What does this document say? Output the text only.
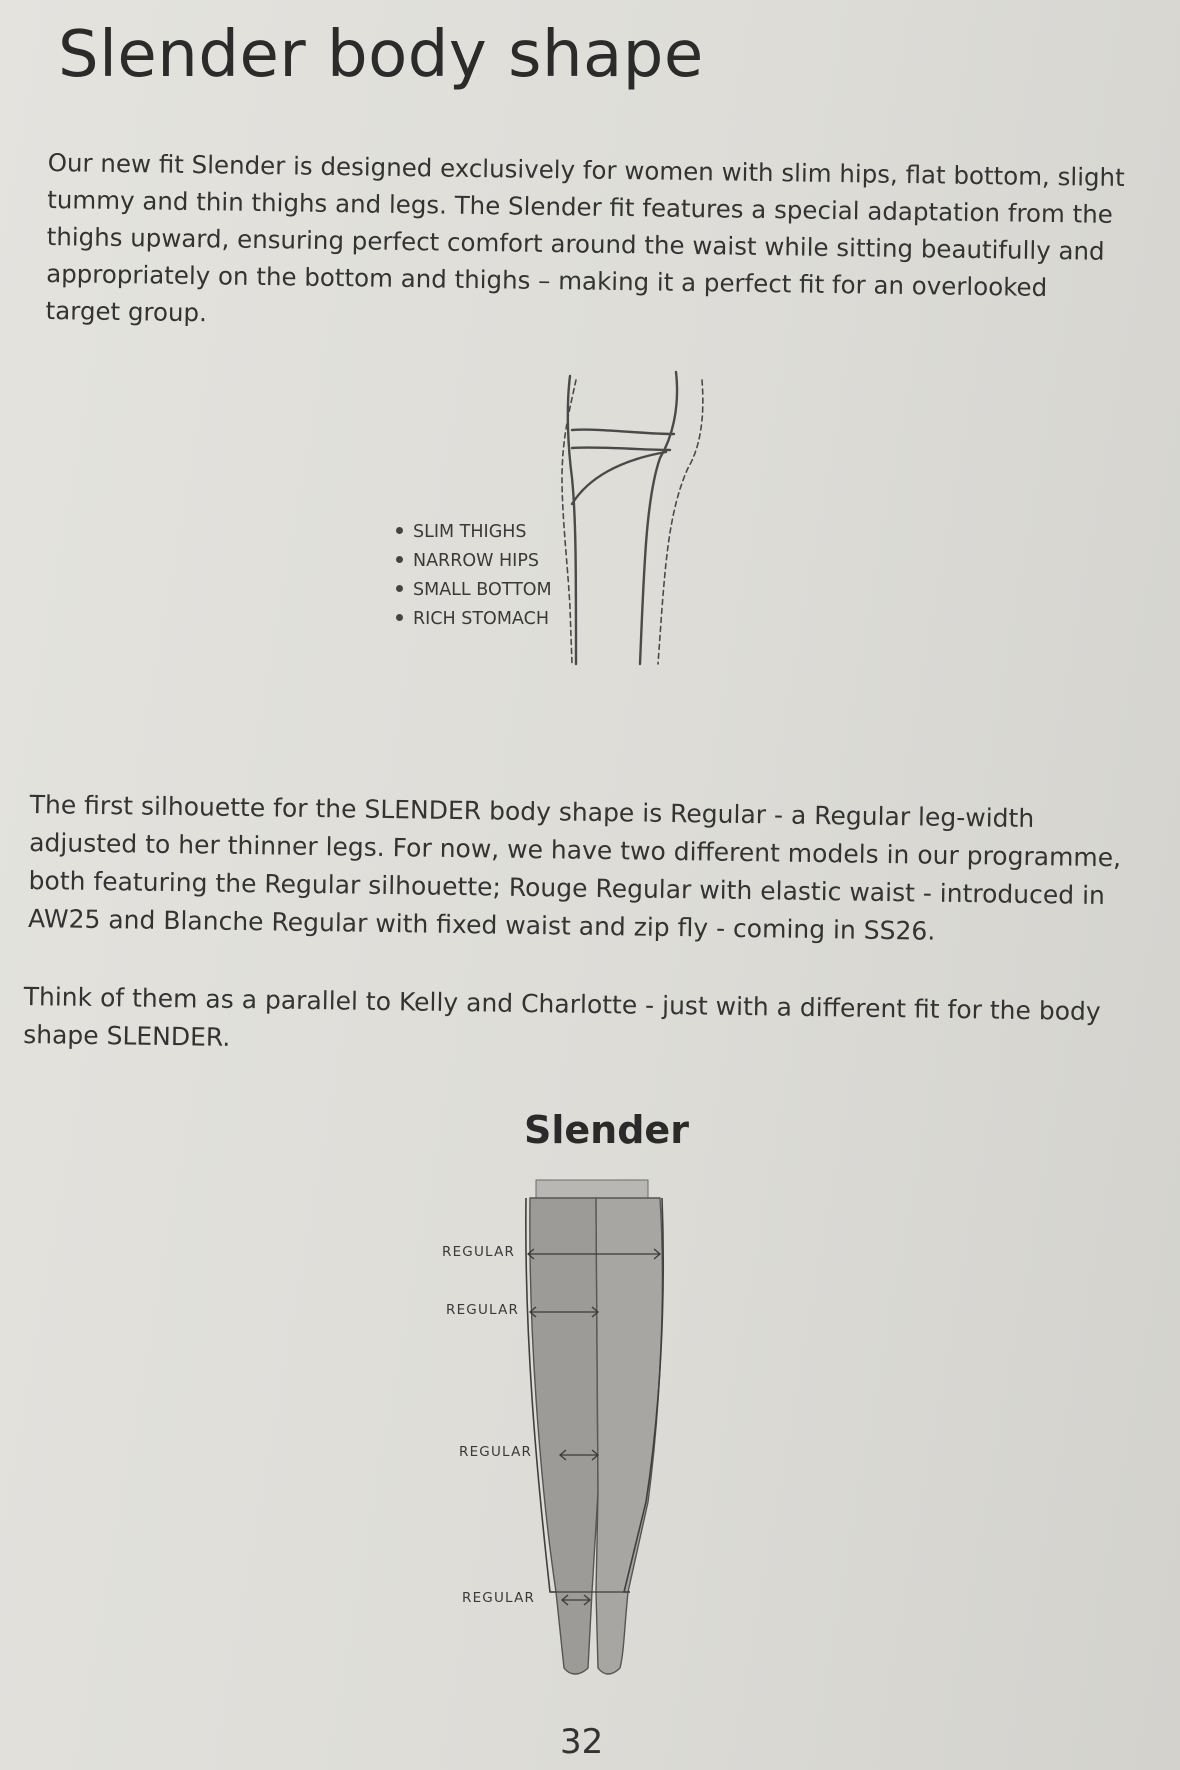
Slender body shape

Our new fit Slender is designed exclusively for women with slim hips, flat bottom, slight
tummy and thin thighs and legs. The Slender fit features a special adaptation from the
thighs upward, ensuring perfect comfort around the waist while sitting beautifully and
appropriately on the bottom and thighs – making it a perfect fit for an overlooked
target group.

SLIM THIGHS
NARROW HIPS
SMALL BOTTOM
RICH STOMACH

The first silhouette for the SLENDER body shape is Regular - a Regular leg-width
adjusted to her thinner legs. For now, we have two different models in our programme,
both featuring the Regular silhouette; Rouge Regular with elastic waist - introduced in
AW25 and Blanche Regular with fixed waist and zip fly - coming in SS26.

Think of them as a parallel to Kelly and Charlotte - just with a different fit for the body
shape SLENDER.

Slender
REGULAR
REGULAR
REGULAR
REGULAR
32
